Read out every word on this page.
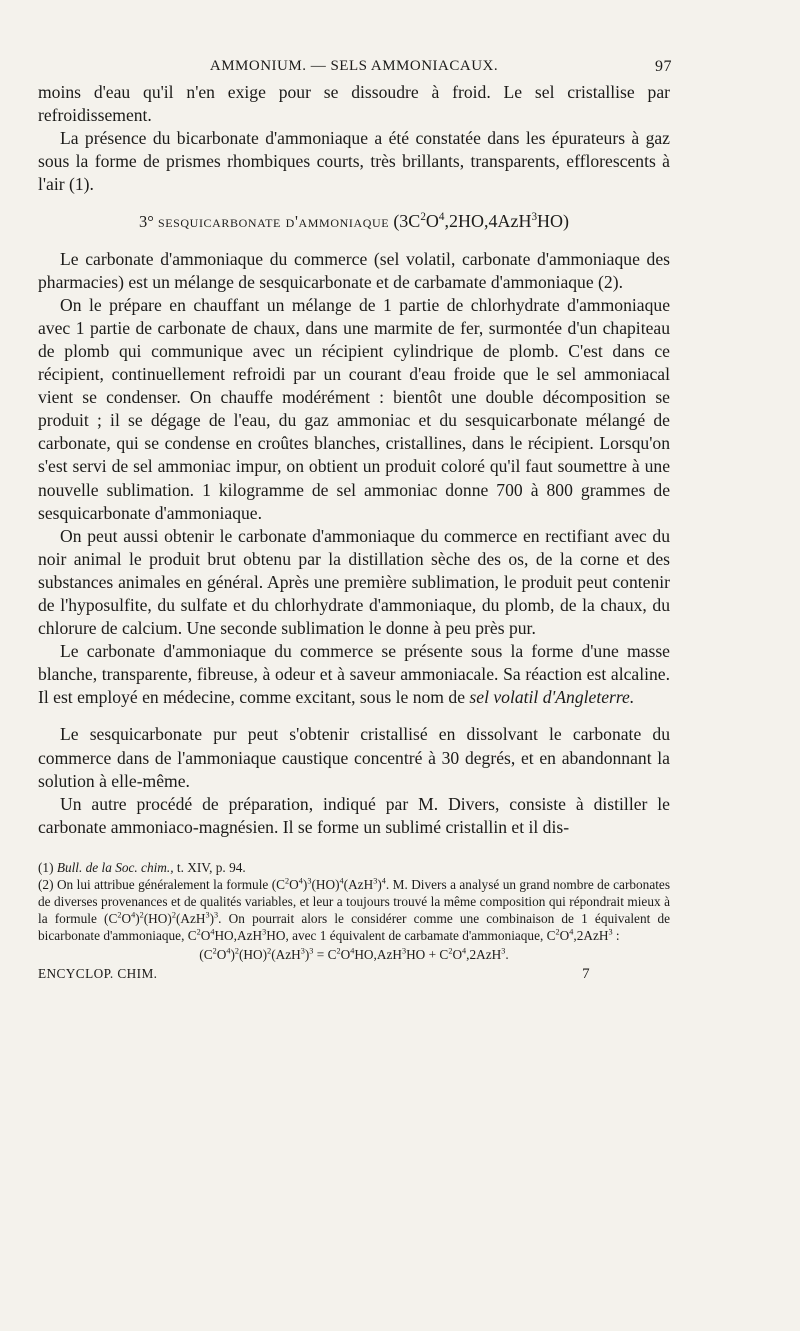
AMMONIUM. — SELS AMMONIACAUX.	97

moins d'eau qu'il n'en exige pour se dissoudre à froid. Le sel cristallise par refroidissement.

La présence du bicarbonate d'ammoniaque a été constatée dans les épurateurs à gaz sous la forme de prismes rhombiques courts, très brillants, transparents, efflorescents à l'air (1).

3° sesquicarbonate d'ammoniaque $(3C^2O^4,2HO,4AzH^3HO)$

Le carbonate d'ammoniaque du commerce (sel volatil, carbonate d'ammoniaque des pharmacies) est un mélange de sesquicarbonate et de carbamate d'ammoniaque (2).

On le prépare en chauffant un mélange de 1 partie de chlorhydrate d'ammoniaque avec 1 partie de carbonate de chaux, dans une marmite de fer, surmontée d'un chapiteau de plomb qui communique avec un récipient cylindrique de plomb. C'est dans ce récipient, continuellement refroidi par un courant d'eau froide que le sel ammoniacal vient se condenser. On chauffe modérément : bientôt une double décomposition se produit ; il se dégage de l'eau, du gaz ammoniac et du sesquicarbonate mélangé de carbonate, qui se condense en croûtes blanches, cristallines, dans le récipient. Lorsqu'on s'est servi de sel ammoniac impur, on obtient un produit coloré qu'il faut soumettre à une nouvelle sublimation. 1 kilogramme de sel ammoniac donne 700 à 800 grammes de sesquicarbonate d'ammoniaque.

On peut aussi obtenir le carbonate d'ammoniaque du commerce en rectifiant avec du noir animal le produit brut obtenu par la distillation sèche des os, de la corne et des substances animales en général. Après une première sublimation, le produit peut contenir de l'hyposulfite, du sulfate et du chlorhydrate d'ammoniaque, du plomb, de la chaux, du chlorure de calcium. Une seconde sublimation le donne à peu près pur.

Le carbonate d'ammoniaque du commerce se présente sous la forme d'une masse blanche, transparente, fibreuse, à odeur et à saveur ammoniacale. Sa réaction est alcaline. Il est employé en médecine, comme excitant, sous le nom de sel volatil d'Angleterre.

Le sesquicarbonate pur peut s'obtenir cristallisé en dissolvant le carbonate du commerce dans de l'ammoniaque caustique concentré à 30 degrés, et en abandonnant la solution à elle-même.

Un autre procédé de préparation, indiqué par M. Divers, consiste à distiller le carbonate ammoniaco-magnésien. Il se forme un sublimé cristallin et il dis-

(1) Bull. de la Soc. chim., t. XIV, p. 94.

(2) On lui attribue généralement la formule $(C^2O^4)^3(HO)^4(AzH^3)^4$. M. Divers a analysé un grand nombre de carbonates de diverses provenances et de qualités variables, et leur a toujours trouvé la même composition qui répondrait mieux à la formule $(C^2O^4)^2(HO)^2(AzH^3)^3$. On pourrait alors le considérer comme une combinaison de 1 équivalent de bicarbonate d'ammoniaque, $C^2O^4HO,AzH^3HO$, avec 1 équivalent de carbamate d'ammoniaque, $C^2O^4,2AzH^3$ :

$(C^2O^4)^2(HO)^2(AzH^3)^3 = C^2O^4HO,AzH^3HO + C^2O^4,2AzH^3$.

ENCYCLOP. CHIM.	7
